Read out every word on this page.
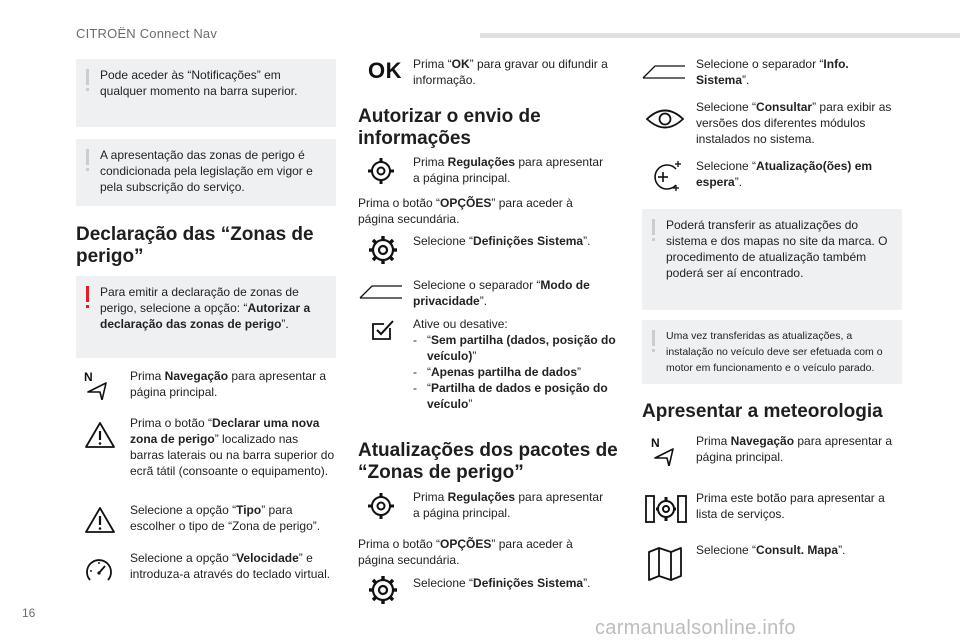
CITROËN Connect Nav
16
carmanualsonline.info
Pode aceder às “Notificações” em qualquer momento na barra superior.
A apresentação das zonas de perigo é condicionada pela legislação em vigor e pela subscrição do serviço.
Declaração das “Zonas de perigo”
Para emitir a declaração de zonas de perigo, selecione a opção: “Autorizar a declaração das zonas de perigo”.
N	Prima Navegação para apresentar a página principal.
Prima o botão “Declarar uma nova zona de perigo” localizado nas barras laterais ou na barra superior do ecrã tátil (consoante o equipamento).
Selecione a opção “Tipo” para escolher o tipo de “Zona de perigo”.
Selecione a opção “Velocidade” e introduza-a através do teclado virtual.
OK Prima “OK” para gravar ou difundir a informação.
Autorizar o envio de informações
Prima Regulações para apresentar a página principal.
Prima o botão “OPÇÕES” para aceder à página secundária.
Selecione “Definições Sistema”.
Selecione o separador “Modo de privacidade”.
Ative ou desative:
- “Sem partilha (dados, posição do veículo)”
- “Apenas partilha de dados”
- “Partilha de dados e posição do veículo”
Atualizações dos pacotes de “Zonas de perigo”
Prima Regulações para apresentar a página principal.
Prima o botão “OPÇÕES” para aceder à página secundária.
Selecione “Definições Sistema”.
Selecione o separador “Info. Sistema”.
Selecione “Consultar” para exibir as versões dos diferentes módulos instalados no sistema.
Selecione “Atualização(ões) em espera”.
Poderá transferir as atualizações do sistema e dos mapas no site da marca. O procedimento de atualização também poderá ser aí encontrado.
Uma vez transferidas as atualizações, a instalação no veículo deve ser efetuada com o motor em funcionamento e o veículo parado.
Apresentar a meteorologia
N	Prima Navegação para apresentar a página principal.
Prima este botão para apresentar a lista de serviços.
Selecione “Consult. Mapa”.
